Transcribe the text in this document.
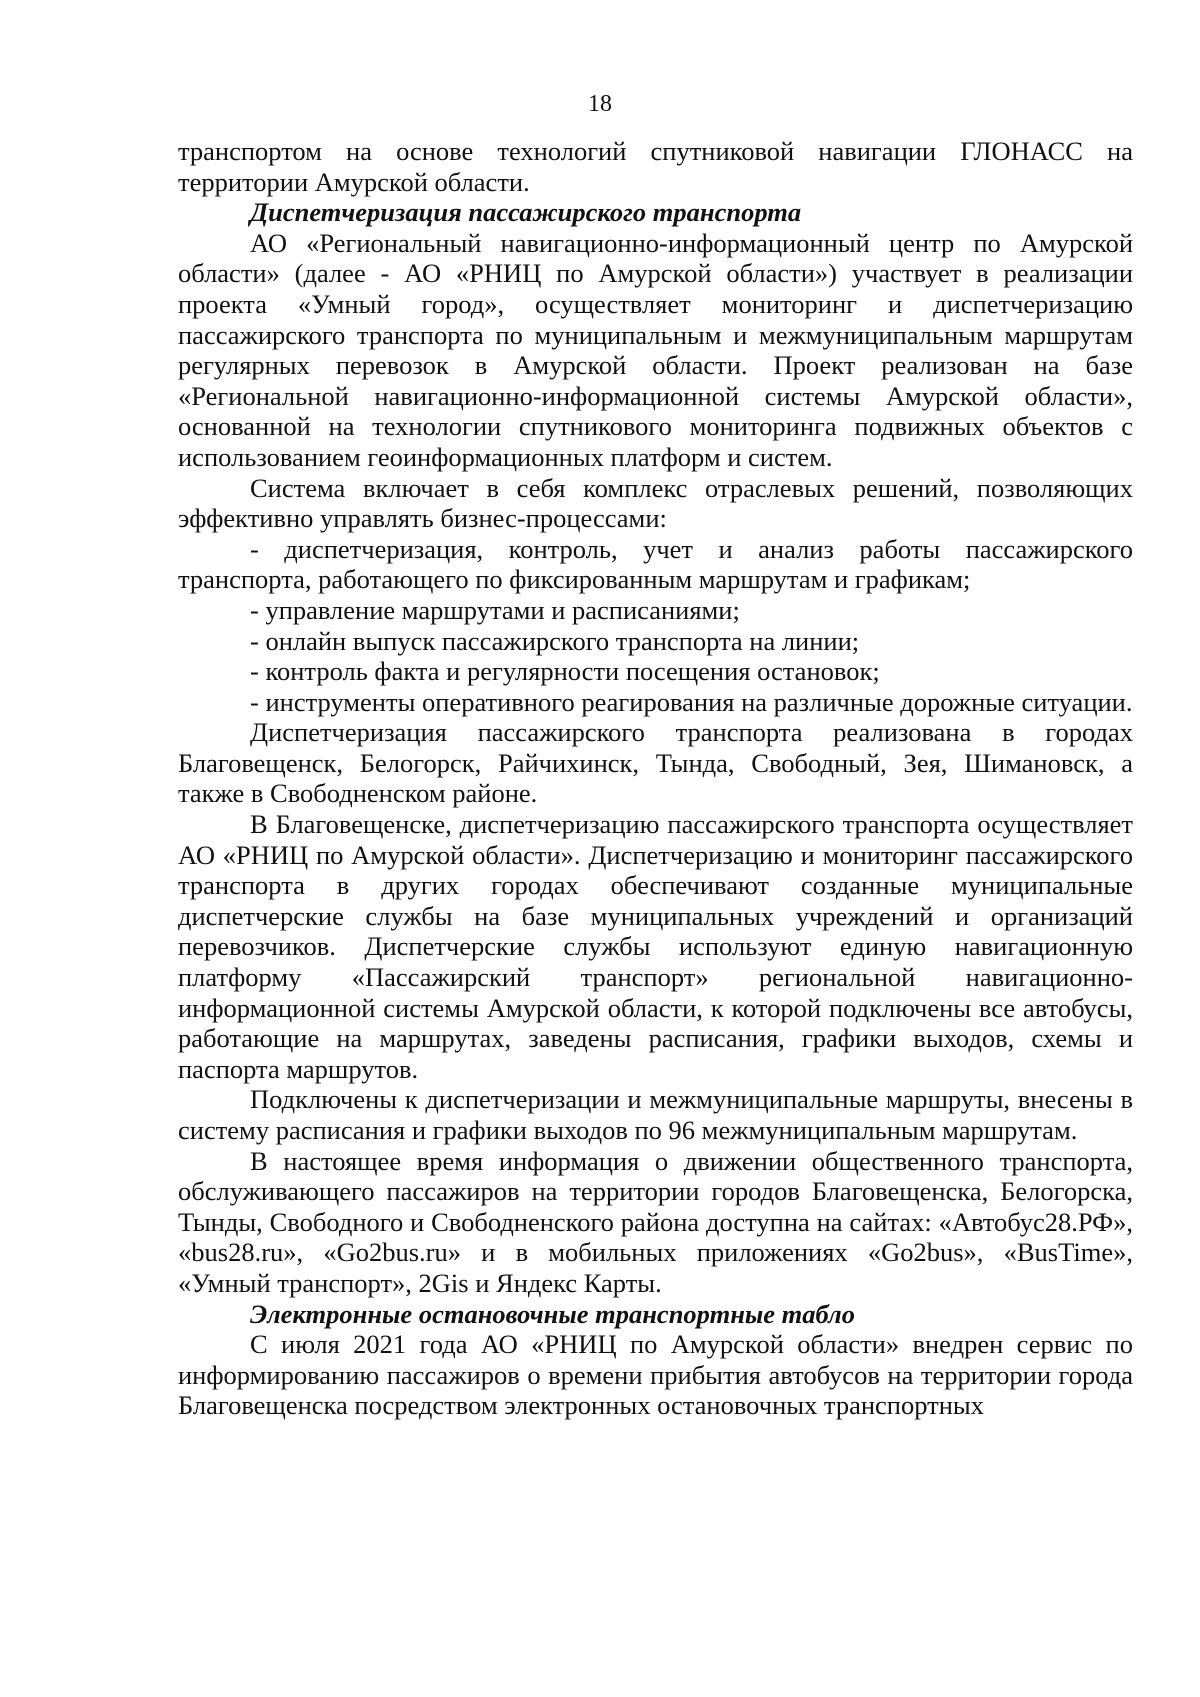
18

транспортом на основе технологий спутниковой навигации ГЛОНАСС на территории Амурской области.

Диспетчеризация пассажирского транспорта

АО «Региональный навигационно-информационный центр по Амурской области» (далее - АО «РНИЦ по Амурской области») участвует в реализации проекта «Умный город», осуществляет мониторинг и диспетчеризацию пассажирского транспорта по муниципальным и межмуниципальным маршрутам регулярных перевозок в Амурской области. Проект реализован на базе «Региональной навигационно-информационной системы Амурской области», основанной на технологии спутникового мониторинга подвижных объектов с использованием геоинформационных платформ и систем.

Система включает в себя комплекс отраслевых решений, позволяющих эффективно управлять бизнес-процессами:

- диспетчеризация, контроль, учет и анализ работы пассажирского транспорта, работающего по фиксированным маршрутам и графикам;

- управление маршрутами и расписаниями;

- онлайн выпуск пассажирского транспорта на линии;

- контроль факта и регулярности посещения остановок;

- инструменты оперативного реагирования на различные дорожные ситуации.

Диспетчеризация пассажирского транспорта реализована в городах Благовещенск, Белогорск, Райчихинск, Тында, Свободный, Зея, Шимановск, а также в Свободненском районе.

В Благовещенске, диспетчеризацию пассажирского транспорта осуществляет АО «РНИЦ по Амурской области». Диспетчеризацию и мониторинг пассажирского транспорта в других городах обеспечивают созданные муниципальные диспетчерские службы на базе муниципальных учреждений и организаций перевозчиков. Диспетчерские службы используют единую навигационную платформу «Пассажирский транспорт» региональной навигационно-информационной системы Амурской области, к которой подключены все автобусы, работающие на маршрутах, заведены расписания, графики выходов, схемы и паспорта маршрутов.

Подключены к диспетчеризации и межмуниципальные маршруты, внесены в систему расписания и графики выходов по 96 межмуниципальным маршрутам.

В настоящее время информация о движении общественного транспорта, обслуживающего пассажиров на территории городов Благовещенска, Белогорска, Тынды, Свободного и Свободненского района доступна на сайтах: «Автобус28.РФ», «bus28.ru», «Go2bus.ru» и в мобильных приложениях «Go2bus», «BusTime», «Умный транспорт», 2Gis и Яндекс Карты.

Электронные остановочные транспортные табло

С июля 2021 года АО «РНИЦ по Амурской области» внедрен сервис по информированию пассажиров о времени прибытия автобусов на территории города Благовещенска посредством электронных остановочных транспортных
